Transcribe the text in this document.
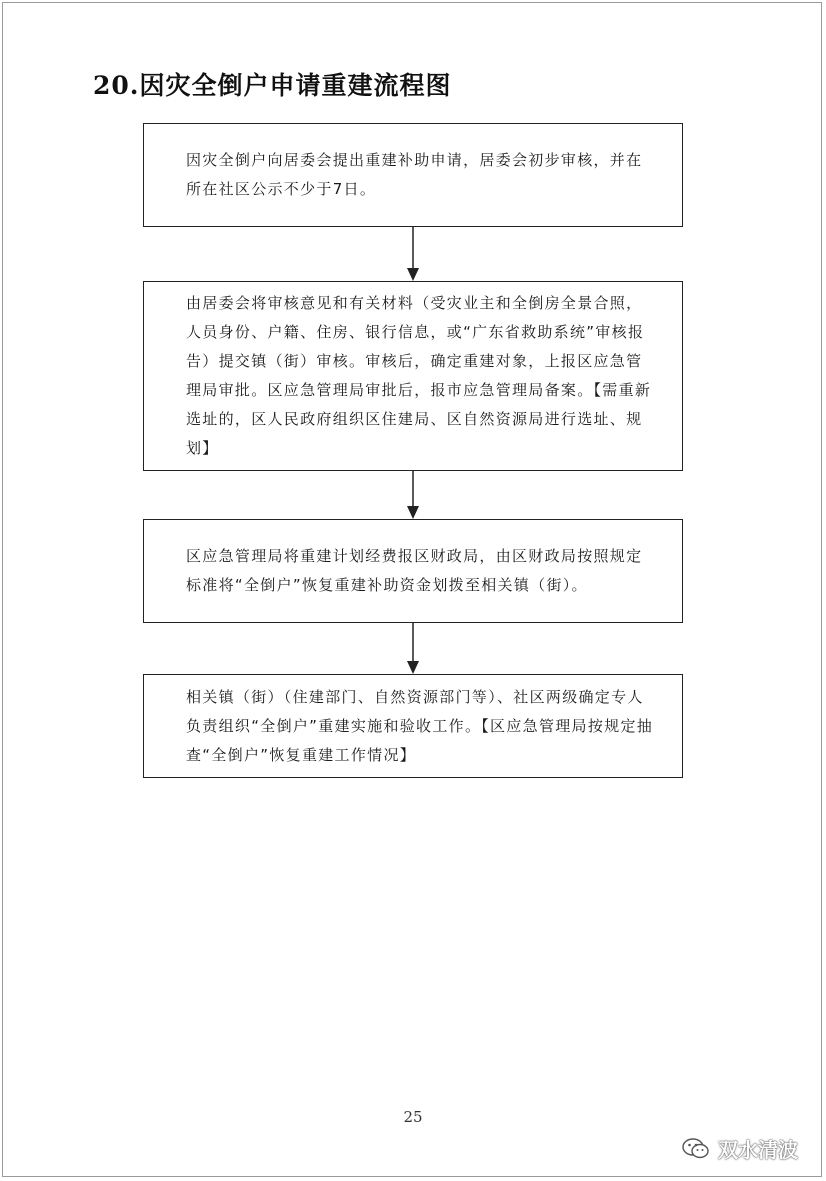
20.因灾全倒户申请重建流程图
因灾全倒户向居委会提出重建补助申请，居委会初步审核，并在所在社区公示不少于7日。
由居委会将审核意见和有关材料（受灾业主和全倒房全景合照，人员身份、户籍、住房、银行信息，或“广东省救助系统”审核报告）提交镇（街）审核。审核后，确定重建对象，上报区应急管理局审批。区应急管理局审批后，报市应急管理局备案。【需重新选址的，区人民政府组织区住建局、区自然资源局进行选址、规划】
区应急管理局将重建计划经费报区财政局，由区财政局按照规定标准将“全倒户”恢复重建补助资金划拨至相关镇（街）。
相关镇（街）（住建部门、自然资源部门等）、社区两级确定专人负责组织“全倒户”重建实施和验收工作。【区应急管理局按规定抽查“全倒户”恢复重建工作情况】
25
双水清波
